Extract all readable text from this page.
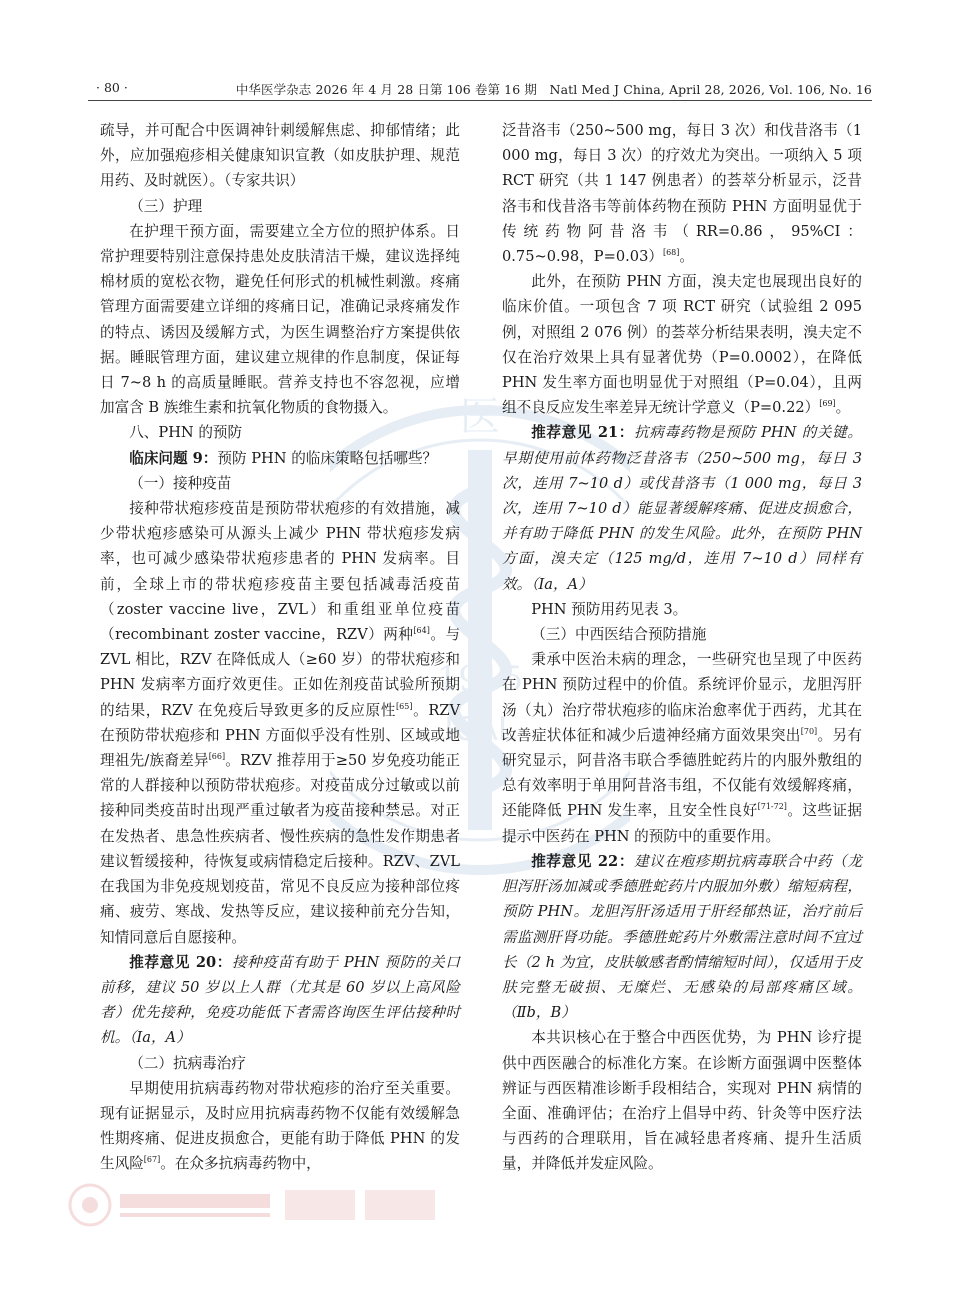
· 80 ·	中华医学杂志 2026 年 4 月 28 日第 106 卷第 16 期　Natl Med J China, April 28, 2026, Vol. 106, No. 16
医
1915
ICAL

疏导，并可配合中医调神针刺缓解焦虑、抑郁情绪；此外，应加强疱疹相关健康知识宣教（如皮肤护理、规范用药、及时就医）。（专家共识）

（三）护理

在护理干预方面，需要建立全方位的照护体系。日常护理要特别注意保持患处皮肤清洁干燥，建议选择纯棉材质的宽松衣物，避免任何形式的机械性刺激。疼痛管理方面需要建立详细的疼痛日记，准确记录疼痛发作的特点、诱因及缓解方式，为医生调整治疗方案提供依据。睡眠管理方面，建议建立规律的作息制度，保证每日 7~8 h 的高质量睡眠。营养支持也不容忽视，应增加富含 B 族维生素和抗氧化物质的食物摄入。

八、PHN 的预防

临床问题 9：预防 PHN 的临床策略包括哪些？

（一）接种疫苗

接种带状疱疹疫苗是预防带状疱疹的有效措施，减少带状疱疹感染可从源头上减少 PHN 带状疱疹发病率，也可减少感染带状疱疹患者的 PHN 发病率。目前，全球上市的带状疱疹疫苗主要包括减毒活疫苗（zoster vaccine live，ZVL）和重组亚单位疫苗（recombinant zoster vaccine，RZV）两种[64]。与 ZVL 相比，RZV 在降低成人（≥60 岁）的带状疱疹和 PHN 发病率方面疗效更佳。正如佐剂疫苗试验所预期的结果，RZV 在免疫后导致更多的反应原性[65]。RZV 在预防带状疱疹和 PHN 方面似乎没有性别、区域或地理祖先/族裔差异[66]。RZV 推荐用于≥50 岁免疫功能正常的人群接种以预防带状疱疹。对疫苗成分过敏或以前接种同类疫苗时出现严重过敏者为疫苗接种禁忌。对正在发热者、患急性疾病者、慢性疾病的急性发作期患者建议暂缓接种，待恢复或病情稳定后接种。RZV、ZVL 在我国为非免疫规划疫苗，常见不良反应为接种部位疼痛、疲劳、寒战、发热等反应，建议接种前充分告知，知情同意后自愿接种。

推荐意见 20：接种疫苗有助于 PHN 预防的关口前移，建议 50 岁以上人群（尤其是 60 岁以上高风险者）优先接种，免疫功能低下者需咨询医生评估接种时机。（Ia，A）

（二）抗病毒治疗

早期使用抗病毒药物对带状疱疹的治疗至关重要。现有证据显示，及时应用抗病毒药物不仅能有效缓解急性期疼痛、促进皮损愈合，更能有助于降低 PHN 的发生风险[67]。在众多抗病毒药物中，

泛昔洛韦（250~500 mg，每日 3 次）和伐昔洛韦（1 000 mg，每日 3 次）的疗效尤为突出。一项纳入 5 项 RCT 研究（共 1 147 例患者）的荟萃分析显示，泛昔洛韦和伐昔洛韦等前体药物在预防 PHN 方面明显优于传统药物阿昔洛韦（RR=0.86，95%CI：0.75~0.98，P=0.03）[68]。

此外，在预防 PHN 方面，溴夫定也展现出良好的临床价值。一项包含 7 项 RCT 研究（试验组 2 095 例，对照组 2 076 例）的荟萃分析结果表明，溴夫定不仅在治疗效果上具有显著优势（P=0.0002），在降低 PHN 发生率方面也明显优于对照组（P=0.04），且两组不良反应发生率差异无统计学意义（P=0.22）[69]。

推荐意见 21：抗病毒药物是预防 PHN 的关键。早期使用前体药物泛昔洛韦（250~500 mg，每日 3 次，连用 7~10 d）或伐昔洛韦（1 000 mg，每日 3 次，连用 7~10 d）能显著缓解疼痛、促进皮损愈合，并有助于降低 PHN 的发生风险。此外，在预防 PHN 方面，溴夫定（125 mg/d，连用 7~10 d）同样有效。（Ia，A）

PHN 预防用药见表 3。

（三）中西医结合预防措施

秉承中医治未病的理念，一些研究也呈现了中医药在 PHN 预防过程中的价值。系统评价显示，龙胆泻肝汤（丸）治疗带状疱疹的临床治愈率优于西药，尤其在改善症状体征和减少后遗神经痛方面效果突出[70]。另有研究显示，阿昔洛韦联合季德胜蛇药片的内服外敷组的总有效率明于单用阿昔洛韦组，不仅能有效缓解疼痛，还能降低 PHN 发生率，且安全性良好[71-72]。这些证据提示中医药在 PHN 的预防中的重要作用。

推荐意见 22：建议在疱疹期抗病毒联合中药（龙胆泻肝汤加减或季德胜蛇药片内服加外敷）缩短病程，预防 PHN。龙胆泻肝汤适用于肝经郁热证，治疗前后需监测肝肾功能。季德胜蛇药片外敷需注意时间不宜过长（2 h 为宜，皮肤敏感者酌情缩短时间），仅适用于皮肤完整无破损、无糜烂、无感染的局部疼痛区域。（Ⅱb，B）

本共识核心在于整合中西医优势，为 PHN 诊疗提供中西医融合的标准化方案。在诊断方面强调中医整体辨证与西医精准诊断手段相结合，实现对 PHN 病情的全面、准确评估；在治疗上倡导中药、针灸等中医疗法与西药的合理联用，旨在减轻患者疼痛、提升生活质量，并降低并发症风险。
